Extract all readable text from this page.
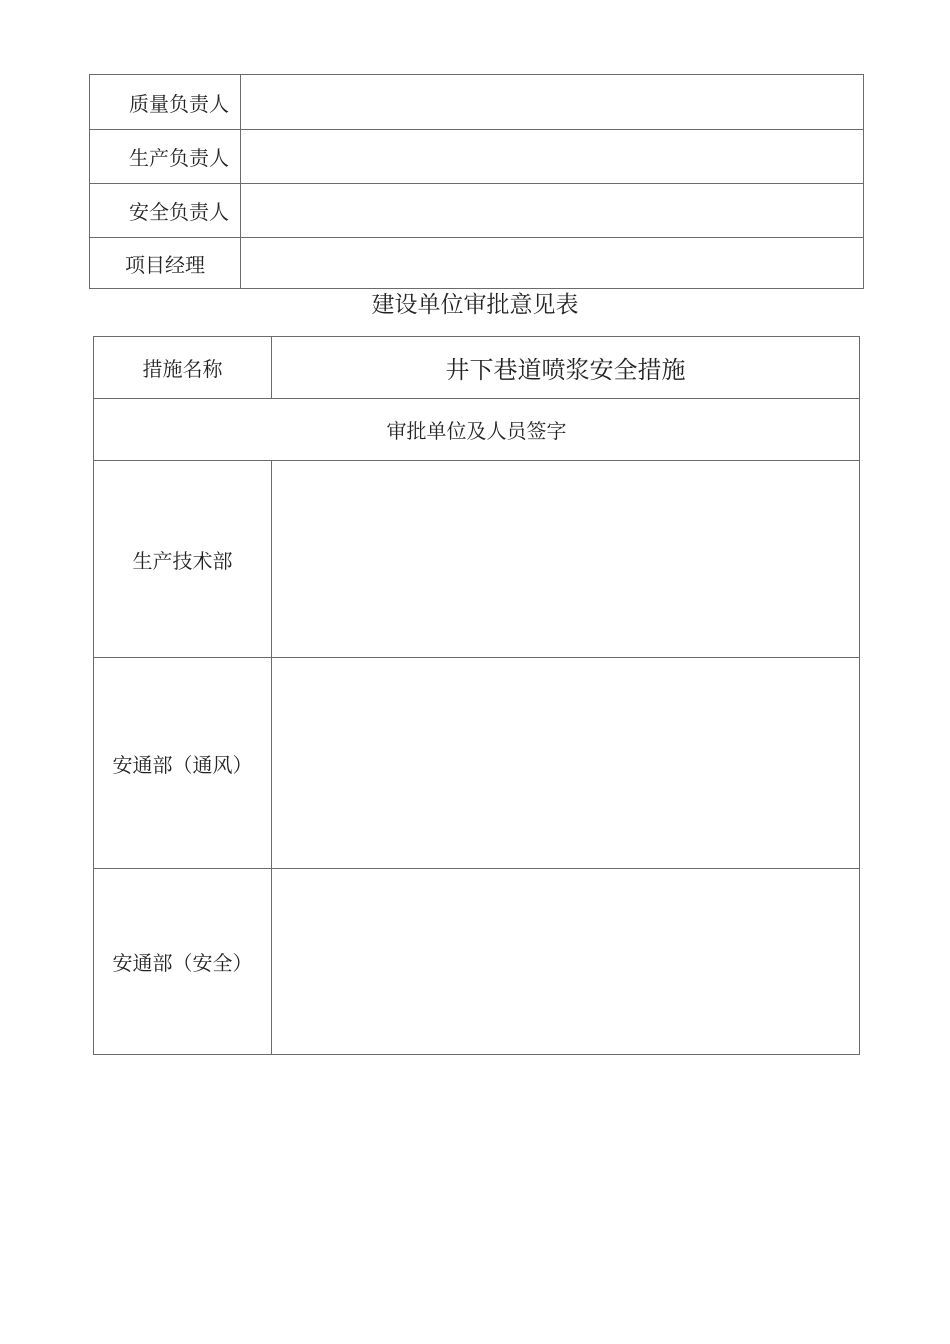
质量负责人	
生产负责人	
安全负责人	
项目经理	
建设单位审批意见表
措施名称	井下巷道喷浆安全措施
审批单位及人员签字	
生产技术部	
安通部（通风）	
安通部（安全）	
